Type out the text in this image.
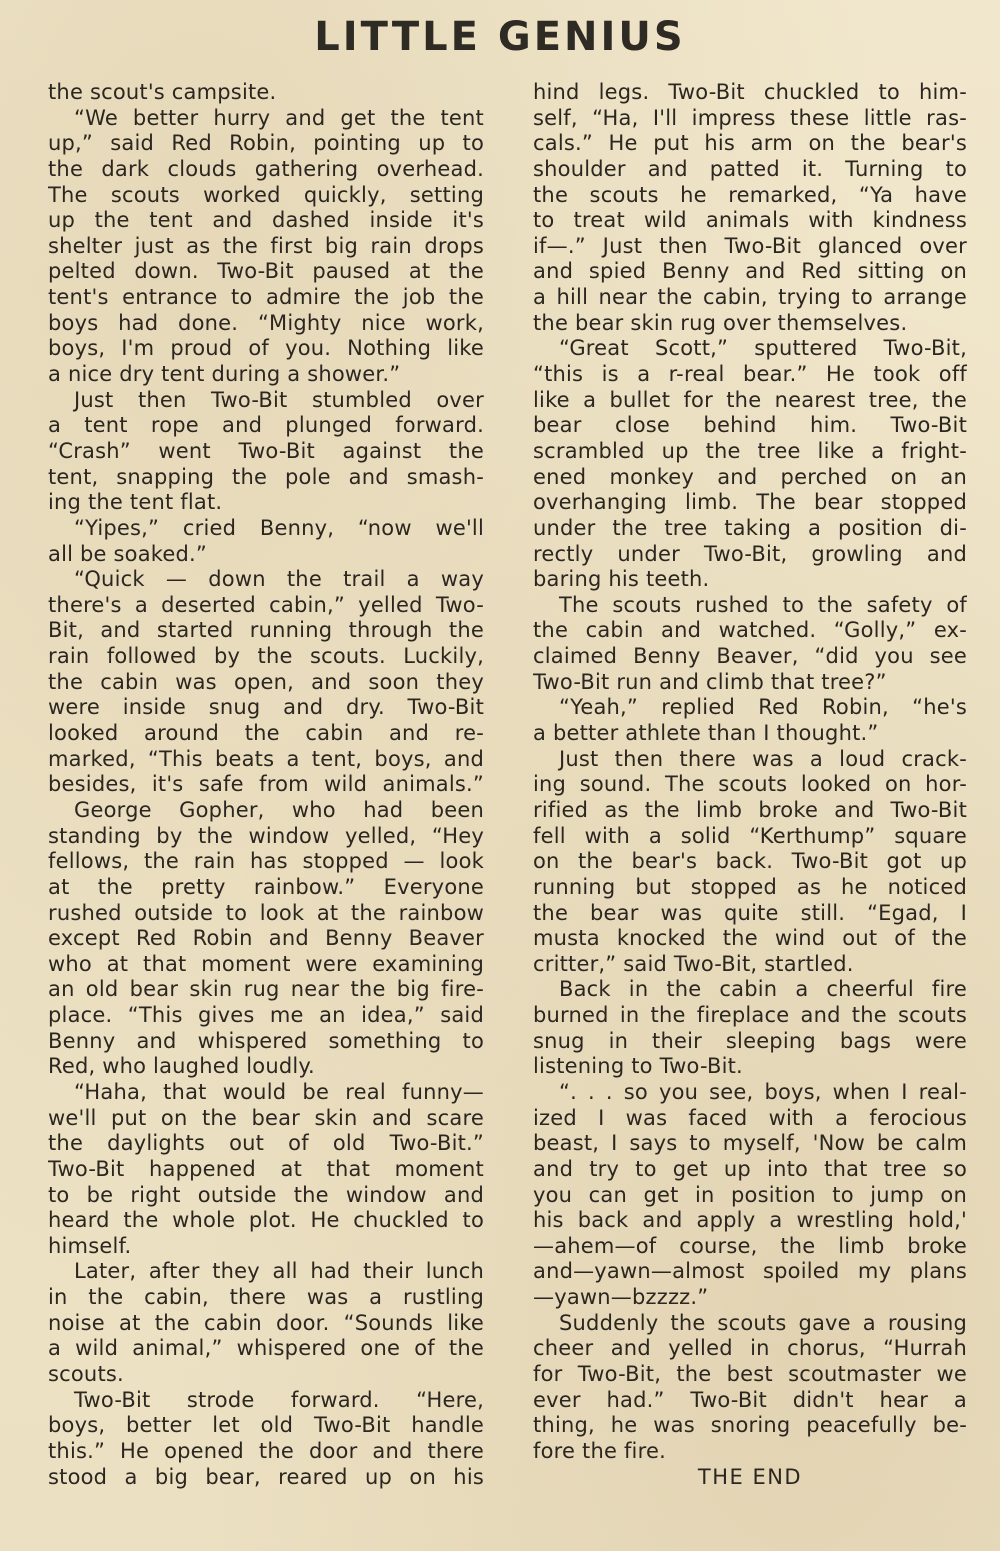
LITTLE GENIUS
the scout's campsite.
“We better hurry and get the tent
up,” said Red Robin, pointing up to
the dark clouds gathering overhead.
The scouts worked quickly, setting
up the tent and dashed inside it's
shelter just as the first big rain drops
pelted down. Two-Bit paused at the
tent's entrance to admire the job the
boys had done. “Mighty nice work,
boys, I'm proud of you. Nothing like
a nice dry tent during a shower.”
Just then Two-Bit stumbled over
a tent rope and plunged forward.
“Crash” went Two-Bit against the
tent, snapping the pole and smash-
ing the tent flat.
“Yipes,” cried Benny, “now we'll
all be soaked.”
“Quick — down the trail a way
there's a deserted cabin,” yelled Two-
Bit, and started running through the
rain followed by the scouts. Luckily,
the cabin was open, and soon they
were inside snug and dry. Two-Bit
looked around the cabin and re-
marked, “This beats a tent, boys, and
besides, it's safe from wild animals.”
George Gopher, who had been
standing by the window yelled, “Hey
fellows, the rain has stopped — look
at the pretty rainbow.” Everyone
rushed outside to look at the rainbow
except Red Robin and Benny Beaver
who at that moment were examining
an old bear skin rug near the big fire-
place. “This gives me an idea,” said
Benny and whispered something to
Red, who laughed loudly.
“Haha, that would be real funny—
we'll put on the bear skin and scare
the daylights out of old Two-Bit.”
Two-Bit happened at that moment
to be right outside the window and
heard the whole plot. He chuckled to
himself.
Later, after they all had their lunch
in the cabin, there was a rustling
noise at the cabin door. “Sounds like
a wild animal,” whispered one of the
scouts.
Two-Bit strode forward. “Here,
boys, better let old Two-Bit handle
this.” He opened the door and there
stood a big bear, reared up on his
hind legs. Two-Bit chuckled to him-
self, “Ha, I'll impress these little ras-
cals.” He put his arm on the bear's
shoulder and patted it. Turning to
the scouts he remarked, “Ya have
to treat wild animals with kindness
if—.” Just then Two-Bit glanced over
and spied Benny and Red sitting on
a hill near the cabin, trying to arrange
the bear skin rug over themselves.
“Great Scott,” sputtered Two-Bit,
“this is a r-real bear.” He took off
like a bullet for the nearest tree, the
bear close behind him. Two-Bit
scrambled up the tree like a fright-
ened monkey and perched on an
overhanging limb. The bear stopped
under the tree taking a position di-
rectly under Two-Bit, growling and
baring his teeth.
The scouts rushed to the safety of
the cabin and watched. “Golly,” ex-
claimed Benny Beaver, “did you see
Two-Bit run and climb that tree?”
“Yeah,” replied Red Robin, “he's
a better athlete than I thought.”
Just then there was a loud crack-
ing sound. The scouts looked on hor-
rified as the limb broke and Two-Bit
fell with a solid “Kerthump” square
on the bear's back. Two-Bit got up
running but stopped as he noticed
the bear was quite still. “Egad, I
musta knocked the wind out of the
critter,” said Two-Bit, startled.
Back in the cabin a cheerful fire
burned in the fireplace and the scouts
snug in their sleeping bags were
listening to Two-Bit.
“. . . so you see, boys, when I real-
ized I was faced with a ferocious
beast, I says to myself, 'Now be calm
and try to get up into that tree so
you can get in position to jump on
his back and apply a wrestling hold,'
—ahem—of course, the limb broke
and—yawn—almost spoiled my plans
—yawn—bzzzz.”
Suddenly the scouts gave a rousing
cheer and yelled in chorus, “Hurrah
for Two-Bit, the best scoutmaster we
ever had.” Two-Bit didn't hear a
thing, he was snoring peacefully be-
fore the fire.
THE END
